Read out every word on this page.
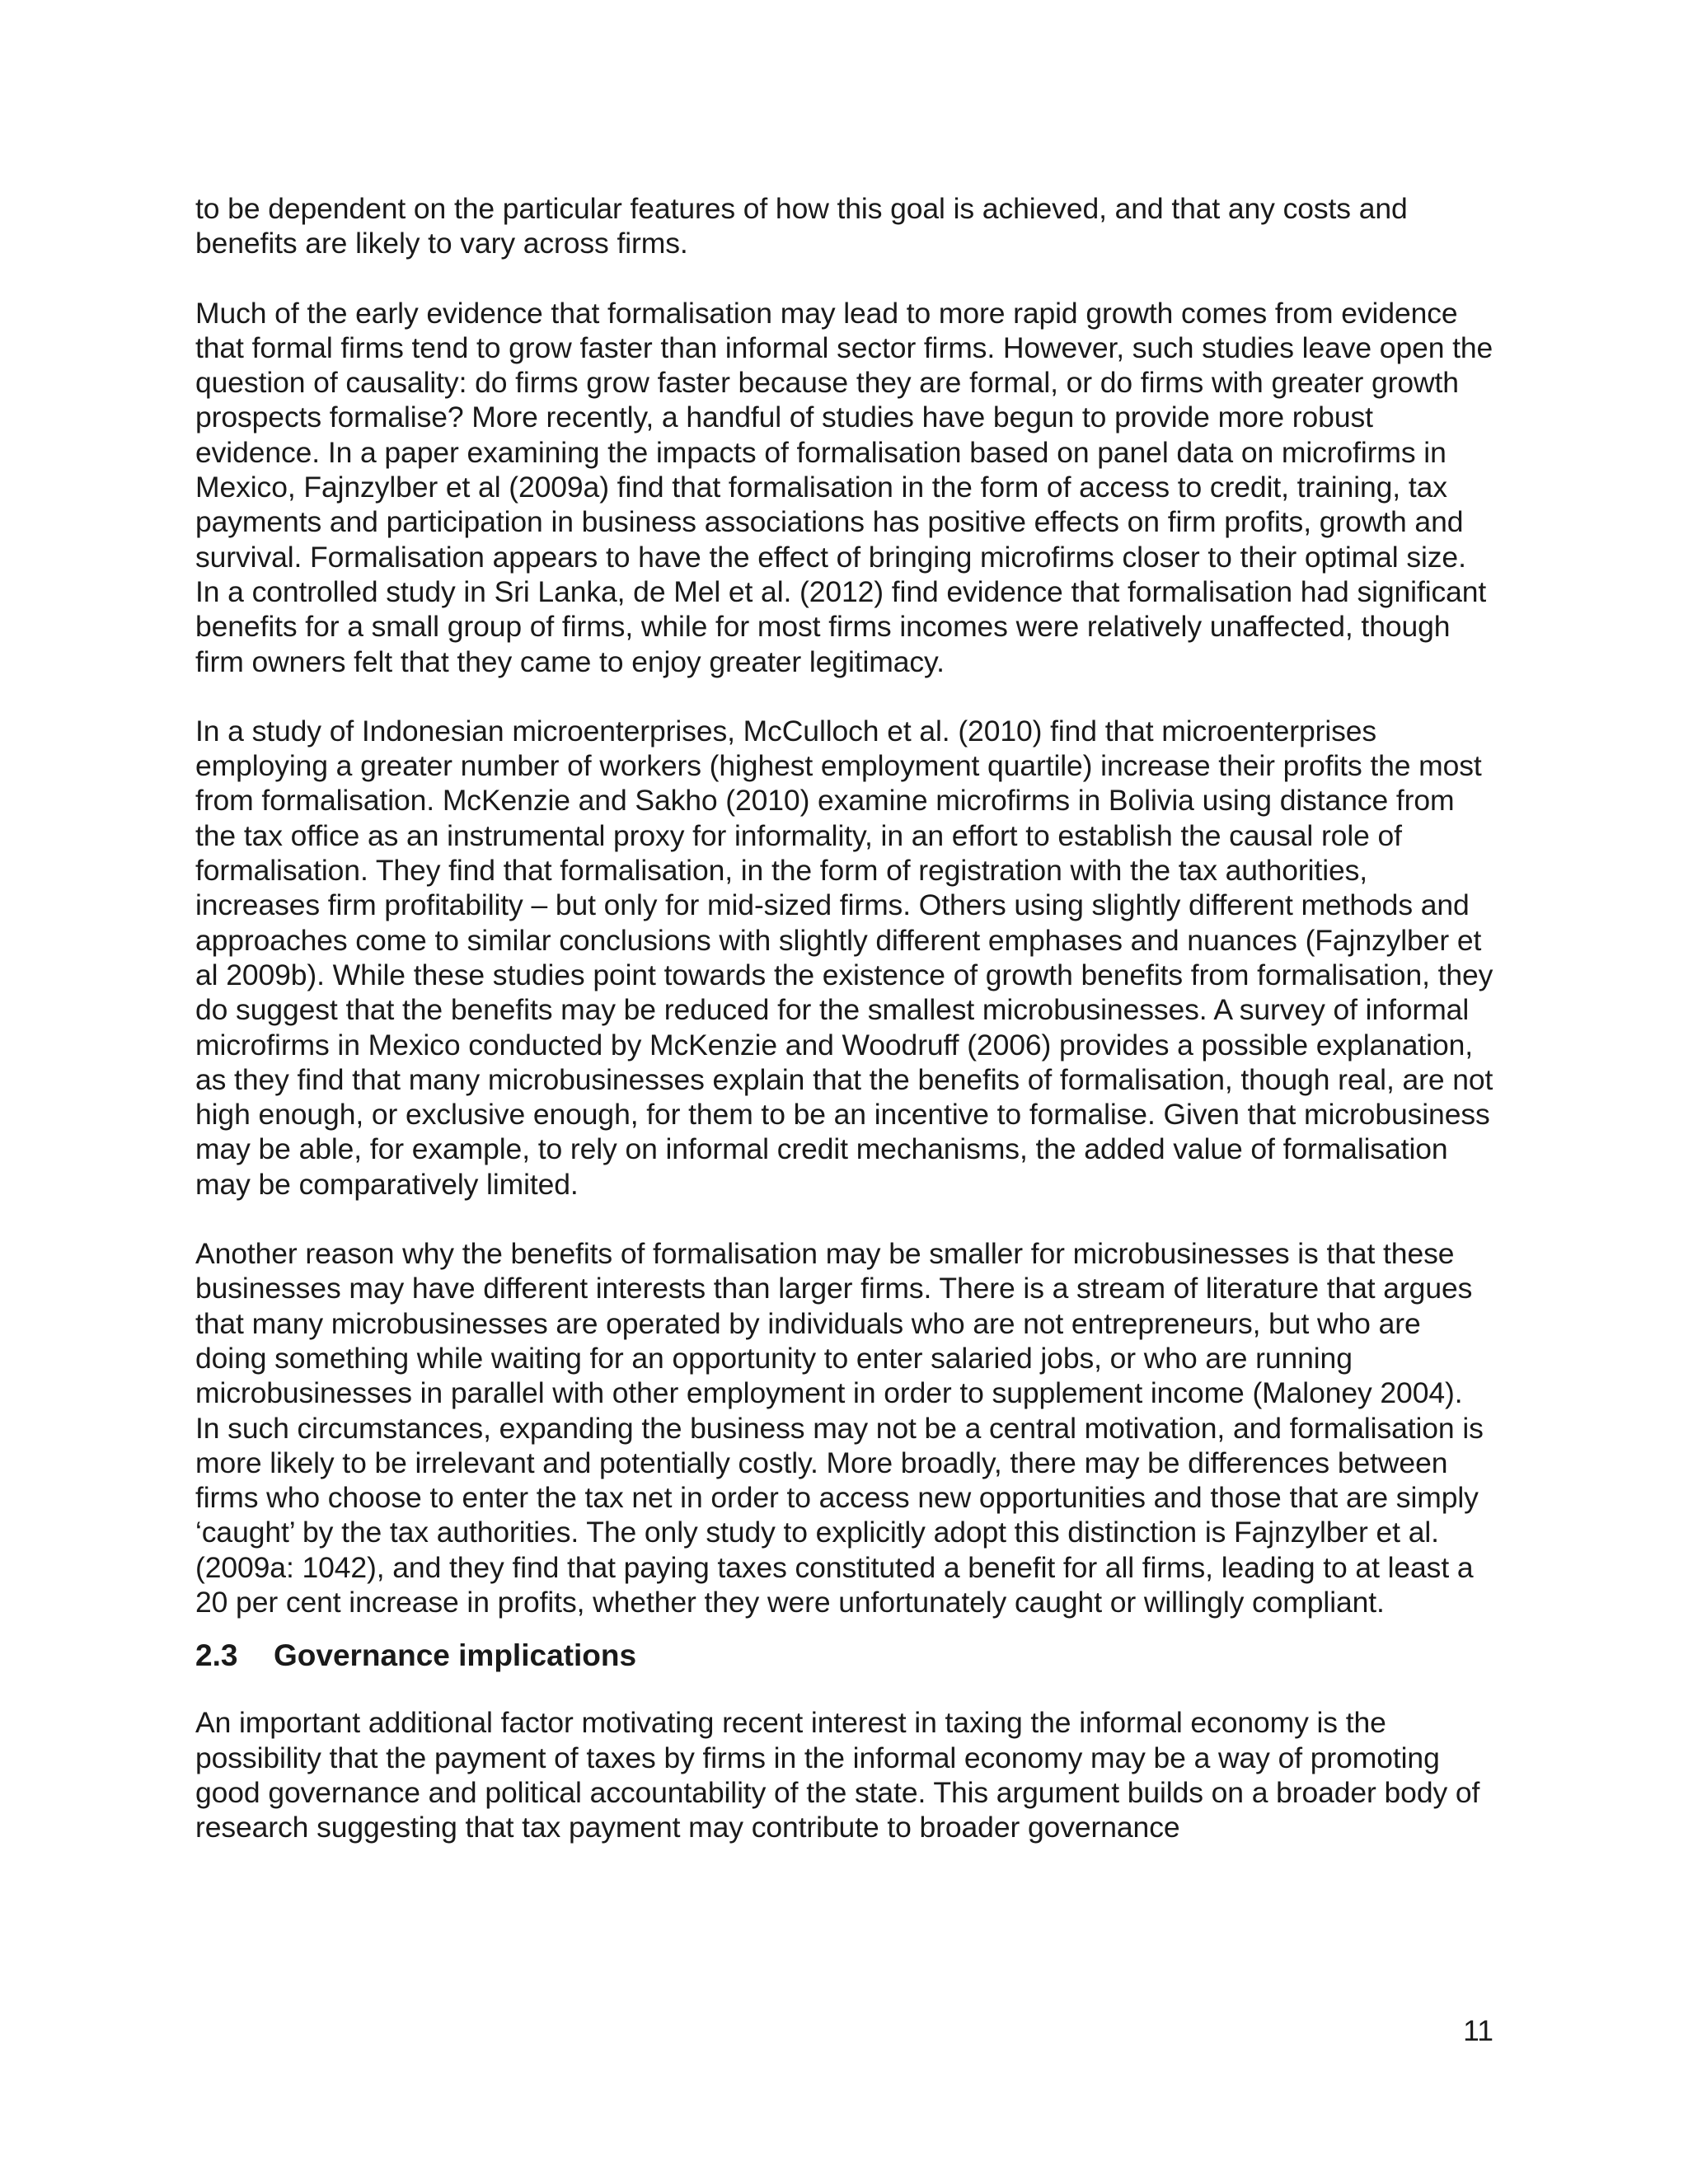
to be dependent on the particular features of how this goal is achieved, and that any costs and benefits are likely to vary across firms.

Much of the early evidence that formalisation may lead to more rapid growth comes from evidence that formal firms tend to grow faster than informal sector firms. However, such studies leave open the question of causality: do firms grow faster because they are formal, or do firms with greater growth prospects formalise? More recently, a handful of studies have begun to provide more robust evidence. In a paper examining the impacts of formalisation based on panel data on microfirms in Mexico, Fajnzylber et al (2009a) find that formalisation in the form of access to credit, training, tax payments and participation in business associations has positive effects on firm profits, growth and survival. Formalisation appears to have the effect of bringing microfirms closer to their optimal size. In a controlled study in Sri Lanka, de Mel et al. (2012) find evidence that formalisation had significant benefits for a small group of firms, while for most firms incomes were relatively unaffected, though firm owners felt that they came to enjoy greater legitimacy.

In a study of Indonesian microenterprises, McCulloch et al. (2010) find that microenterprises employing a greater number of workers (highest employment quartile) increase their profits the most from formalisation. McKenzie and Sakho (2010) examine microfirms in Bolivia using distance from the tax office as an instrumental proxy for informality, in an effort to establish the causal role of formalisation. They find that formalisation, in the form of registration with the tax authorities, increases firm profitability – but only for mid-sized firms. Others using slightly different methods and approaches come to similar conclusions with slightly different emphases and nuances (Fajnzylber et al 2009b). While these studies point towards the existence of growth benefits from formalisation, they do suggest that the benefits may be reduced for the smallest microbusinesses. A survey of informal microfirms in Mexico conducted by McKenzie and Woodruff (2006) provides a possible explanation, as they find that many microbusinesses explain that the benefits of formalisation, though real, are not high enough, or exclusive enough, for them to be an incentive to formalise. Given that microbusiness may be able, for example, to rely on informal credit mechanisms, the added value of formalisation may be comparatively limited.

Another reason why the benefits of formalisation may be smaller for microbusinesses is that these businesses may have different interests than larger firms. There is a stream of literature that argues that many microbusinesses are operated by individuals who are not entrepreneurs, but who are doing something while waiting for an opportunity to enter salaried jobs, or who are running microbusinesses in parallel with other employment in order to supplement income (Maloney 2004). In such circumstances, expanding the business may not be a central motivation, and formalisation is more likely to be irrelevant and potentially costly. More broadly, there may be differences between firms who choose to enter the tax net in order to access new opportunities and those that are simply ‘caught’ by the tax authorities. The only study to explicitly adopt this distinction is Fajnzylber et al. (2009a: 1042), and they find that paying taxes constituted a benefit for all firms, leading to at least a 20 per cent increase in profits, whether they were unfortunately caught or willingly compliant.

2.3	Governance implications

An important additional factor motivating recent interest in taxing the informal economy is the possibility that the payment of taxes by firms in the informal economy may be a way of promoting good governance and political accountability of the state. This argument builds on a broader body of research suggesting that tax payment may contribute to broader governance

11
